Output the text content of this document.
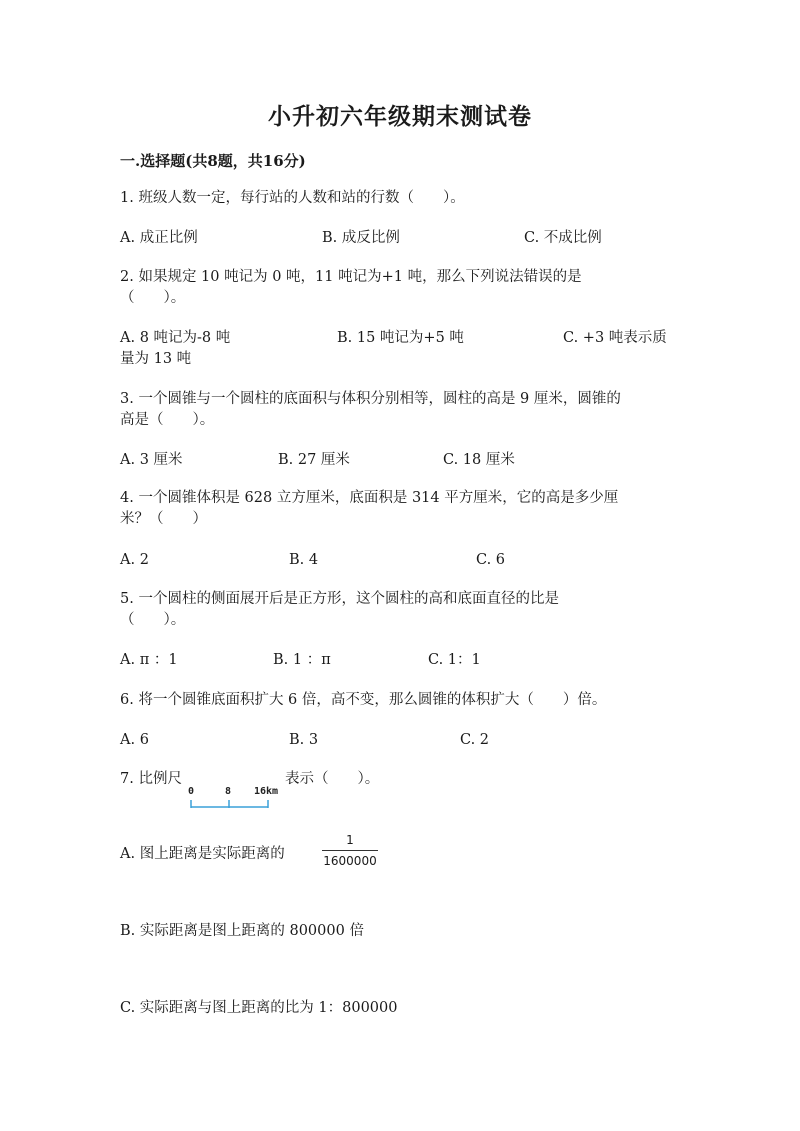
小升初六年级期末测试卷
一.选择题(共8题，共16分)
1. 班级人数一定，每行站的人数和站的行数（　　）。
A. 成正比例	B. 成反比例	C. 不成比例
2. 如果规定 10 吨记为 0 吨，11 吨记为+1 吨，那么下列说法错误的是
（　　）。
A. 8 吨记为-8 吨	B. 15 吨记为+5 吨	C. +3 吨表示质
量为 13 吨
3. 一个圆锥与一个圆柱的底面积与体积分别相等，圆柱的高是 9 厘米，圆锥的
高是（　　）。
A. 3 厘米	B. 27 厘米	C. 18 厘米
4. 一个圆锥体积是 628 立方厘米，底面积是 314 平方厘米，它的高是多少厘
米？（　　）
A. 2	B. 4	C. 6
5. 一个圆柱的侧面展开后是正方形，这个圆柱的高和底面直径的比是
（　　）。
A. π ：1	B. 1 ：π	C. 1：1
6. 将一个圆锥底面积扩大 6 倍，高不变，那么圆锥的体积扩大（　　）倍。
A. 6	B. 3	C. 2
7. 比例尺
0	8 16km
表示（　　）。
A. 图上距离是实际距离的
1
1600000
B. 实际距离是图上距离的 800000 倍
C. 实际距离与图上距离的比为 1：800000
